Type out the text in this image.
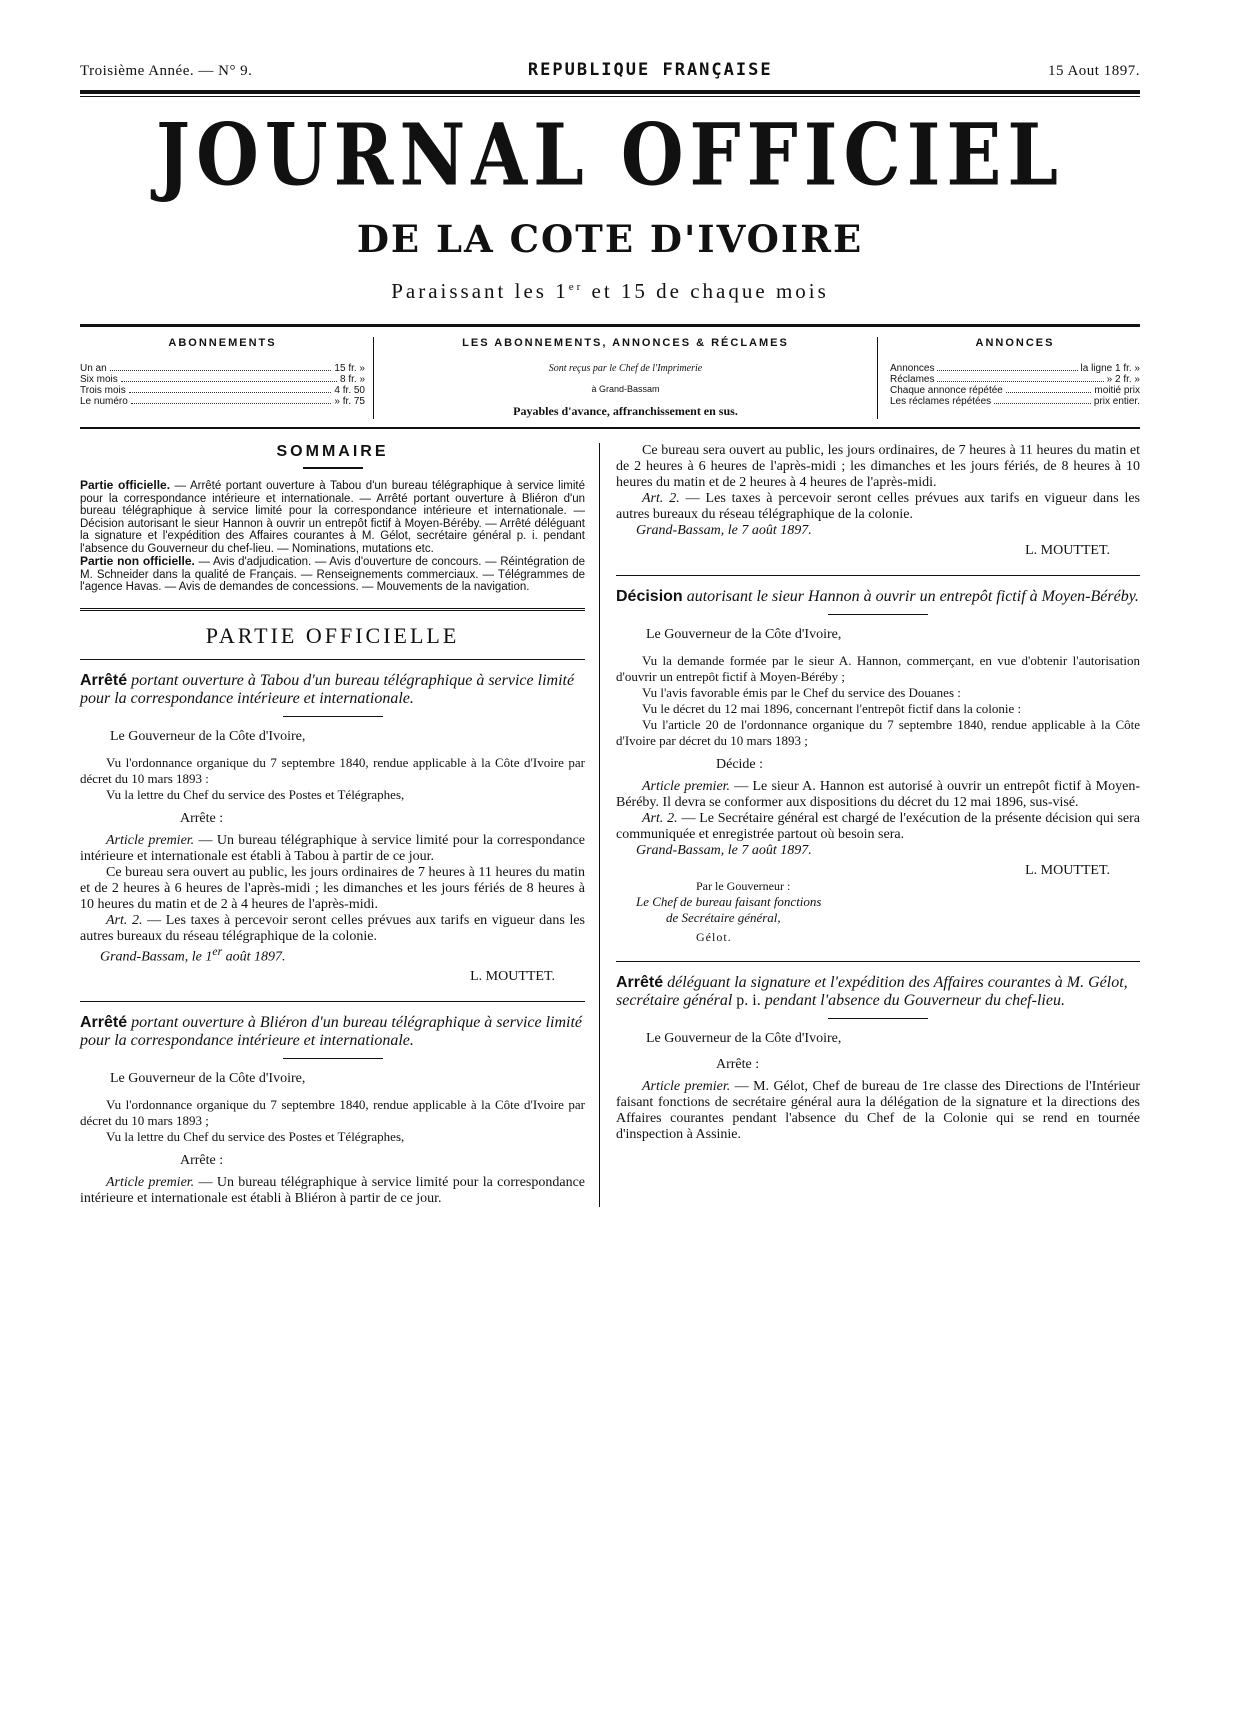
Troisième Année. — N° 9.	REPUBLIQUE FRANÇAISE	15 Aout 1897.
JOURNAL OFFICIEL
DE LA COTE D'IVOIRE
Paraissant les 1er et 15 de chaque mois
ABONNEMENTS
Un an	15 fr. »
Six mois	8 fr. »
Trois mois	4 fr. 50
Le numéro	» fr. 75
LES ABONNEMENTS, ANNONCES & RÉCLAMES
Sont reçus par le Chef de l'Imprimerie
à Grand-Bassam
Payables d'avance, affranchissement en sus.
ANNONCES
Annonces	la ligne 1 fr. »
Réclames	» 2 fr. »
Chaque annonce répétée	moitié prix
Les réclames répétées	prix entier.
SOMMAIRE

Partie officielle. — Arrêté portant ouverture à Tabou d'un bureau télégraphique à service limité pour la correspondance intérieure et internationale. — Arrêté portant ouverture à Bliéron d'un bureau télégraphique à service limité pour la correspondance intérieure et internationale. — Décision autorisant le sieur Hannon à ouvrir un entrepôt fictif à Moyen-Béréby. — Arrêté déléguant la signature et l'expédition des Affaires courantes à M. Gélot, secrétaire général p. i. pendant l'absence du Gouverneur du chef-lieu. — Nominations, mutations etc.

Partie non officielle. — Avis d'adjudication. — Avis d'ouverture de concours. — Réintégration de M. Schneider dans la qualité de Français. — Renseignements commerciaux. — Télégrammes de l'agence Havas. — Avis de demandes de concessions. — Mouvements de la navigation.

PARTIE OFFICIELLE
Arrêté portant ouverture à Tabou d'un bureau télégraphique à service limité pour la correspondance intérieure et internationale.
Le Gouverneur de la Côte d'Ivoire,

Vu l'ordonnance organique du 7 septembre 1840, rendue applicable à la Côte d'Ivoire par décret du 10 mars 1893 :

Vu la lettre du Chef du service des Postes et Télégraphes,

Arrête :

Article premier. — Un bureau télégraphique à service limité pour la correspondance intérieure et internationale est établi à Tabou à partir de ce jour.

Ce bureau sera ouvert au public, les jours ordinaires de 7 heures à 11 heures du matin et de 2 heures à 6 heures de l'après-midi ; les dimanches et les jours fériés de 8 heures à 10 heures du matin et de 2 à 4 heures de l'après-midi.

Art. 2. — Les taxes à percevoir seront celles prévues aux tarifs en vigueur dans les autres bureaux du réseau télégraphique de la colonie.

Grand-Bassam, le 1er août 1897.
L. MOUTTET.
Arrêté portant ouverture à Bliéron d'un bureau télégraphique à service limité pour la correspondance intérieure et internationale.
Le Gouverneur de la Côte d'Ivoire,

Vu l'ordonnance organique du 7 septembre 1840, rendue applicable à la Côte d'Ivoire par décret du 10 mars 1893 ;

Vu la lettre du Chef du service des Postes et Télégraphes,

Arrête :

Article premier. — Un bureau télégraphique à service limité pour la correspondance intérieure et internationale est établi à Bliéron à partir de ce jour.

Ce bureau sera ouvert au public, les jours ordinaires, de 7 heures à 11 heures du matin et de 2 heures à 6 heures de l'après-midi ; les dimanches et les jours fériés, de 8 heures à 10 heures du matin et de 2 heures à 4 heures de l'après-midi.

Art. 2. — Les taxes à percevoir seront celles prévues aux tarifs en vigueur dans les autres bureaux du réseau télégraphique de la colonie.

Grand-Bassam, le 7 août 1897.
L. MOUTTET.
Décision autorisant le sieur Hannon à ouvrir un entrepôt fictif à Moyen-Béréby.
Le Gouverneur de la Côte d'Ivoire,

Vu la demande formée par le sieur A. Hannon, commerçant, en vue d'obtenir l'autorisation d'ouvrir un entrepôt fictif à Moyen-Béréby ;

Vu l'avis favorable émis par le Chef du service des Douanes :

Vu le décret du 12 mai 1896, concernant l'entrepôt fictif dans la colonie :

Vu l'article 20 de l'ordonnance organique du 7 septembre 1840, rendue applicable à la Côte d'Ivoire par décret du 10 mars 1893 ;

Décide :

Article premier. — Le sieur A. Hannon est autorisé à ouvrir un entrepôt fictif à Moyen-Béréby. Il devra se conformer aux dispositions du décret du 12 mai 1896, sus-visé.

Art. 2. — Le Secrétaire général est chargé de l'exécution de la présente décision qui sera communiquée et enregistrée partout où besoin sera.

Grand-Bassam, le 7 août 1897.
L. MOUTTET.
Par le Gouverneur :
Le Chef de bureau faisant fonctions
de Secrétaire général,
Gélot.
Arrêté déléguant la signature et l'expédition des Affaires courantes à M. Gélot, secrétaire général p. i. pendant l'absence du Gouverneur du chef-lieu.
Le Gouverneur de la Côte d'Ivoire,
Arrête :

Article premier. — M. Gélot, Chef de bureau de 1re classe des Directions de l'Intérieur faisant fonctions de secrétaire général aura la délégation de la signature et la directions des Affaires courantes pendant l'absence du Chef de la Colonie qui se rend en tournée d'inspection à Assinie.
